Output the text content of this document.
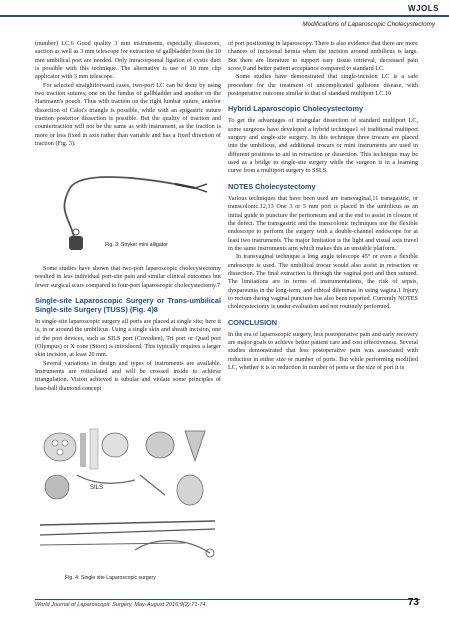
WJOLS
Modifications of Laparoscopic Cholecystectomy

(number) LC.6 Good quality 3 mm instruments, especially dissectors, suction as well as 3 mm telescope for extraction of gallbladder from the 10 mm umbilical port are needed. Only intracorporeal ligation of cystic duct is possible with this technique. The alternative is use of 10 mm clip applicator with 3 mm telescope.

For selected straightforward cases, two-port LC can be done by using two traction sutures; one on the fundus of gallbladder and another on the Hartmann's pouch. Thus with traction on the right lumbar suture, anterior dissection of Calot's triangle is possible, while with an epigastric suture traction posterior dissection is possible. But the quality of traction and countertraction will not be the same as with instrument, as the traction is more or less fixed in axis rather than variable and has a fixed direction of traction (Fig. 3).

Fig. 3: Stryker mini alligator

Some studies have shown that two-port laparoscopic cholecystectomy resulted in less individual port-site pain and similar clinical outcomes but fewer surgical scars compared to four-port laparoscopic cholecystectomy.7

Single-site Laparoscopic Surgery or Trans-umbilical Single-site Surgery (TUSS) (Fig. 4)8

In single-site laparoscopic surgery all ports are placed at single site; here it is, in or around the umbilicus. Using a single skin and sheath incision, one of the port devices, such as SILS port (Covedien), Tri port or Quad port (Olympus) or X cone (Storz) is introduced. This typically requires a larger skin incision, at least 20 mm.

Several variations in design and types of instruments are available. Instruments are roticulated and will be crossed inside to achieve triangulation. Vision achieved is tubular and violate some principles of base-ball diamond concept

SILS
Fig. 4: Single site Laparoscopic surgery

of port positioning in laparoscopy. There is also evidence that there are more chances of incisional hernia when the incision around umbilicus is large. But there are literature to support easy tissue retrieval, decreased pain score,9 and better patient acceptance compared to standard LC.

Some studies have demonstrated that single-incision LC is a safe procedure for the treatment of uncomplicated gallstone disease, with postoperative outcome similar to that of standard multiport LC.10

Hybrid Laparoscopic Cholecystectomy

To get the advantages of triangular dissection of standard multiport LC, some surgeons have developed a hybrid technique1 of traditional multiport surgery and single-site surgery. In this technique three trocars are placed into the umbilicus, and additional trocars or mini instruments are used in different positions to aid in retraction or dissection. This technique may be used as a bridge to single-site surgery while the surgeon is in a learning curve from a multiport surgery to SSLS.

NOTES Cholecystectomy

Various techniques that have been used are transvaginal,11 transgastric, or transcolonic.12,13 One 3 or 5 mm port is placed in the umbilicus as an initial guide to puncture the peritoneum and at the end to assist in closure of the defect. The transgastric and the transcolonic techniques use the flexible endoscope to perform the surgery with a double-channel endoscope for at least two instruments. The major limitation is the light and visual axis travel in the same instruments arm which makes this an unstable platform.

In transvaginal technique a long angle telescope 45° or even a flexible endoscope is used. The umbilical trocar would also assist in retraction or dissection. The final extraction is through the vaginal port and then sutured. The limitations are in terms of instrumentations, the risk of sepsis, dyspareunia in the long-term, and ethical dilemmas in using vagina.1 Injury to rectum during vaginal puncture has also been reported. Currently NOTES cholecystectomy is under evaluation and not routinely performed.

CONCLUSION

In the era of laparoscopic surgery, less postoperative pain and early recovery are major goals to achieve better patient care and cost effectiveness. Several studies demonstrated that less postoperative pain was associated with reduction in either size or number of ports. But while performing modified LC, whether it is in reduction in number of ports or the size of port it is

World Journal of Laparoscopic Surgery, May-August 2016;9(2):71-74	73
